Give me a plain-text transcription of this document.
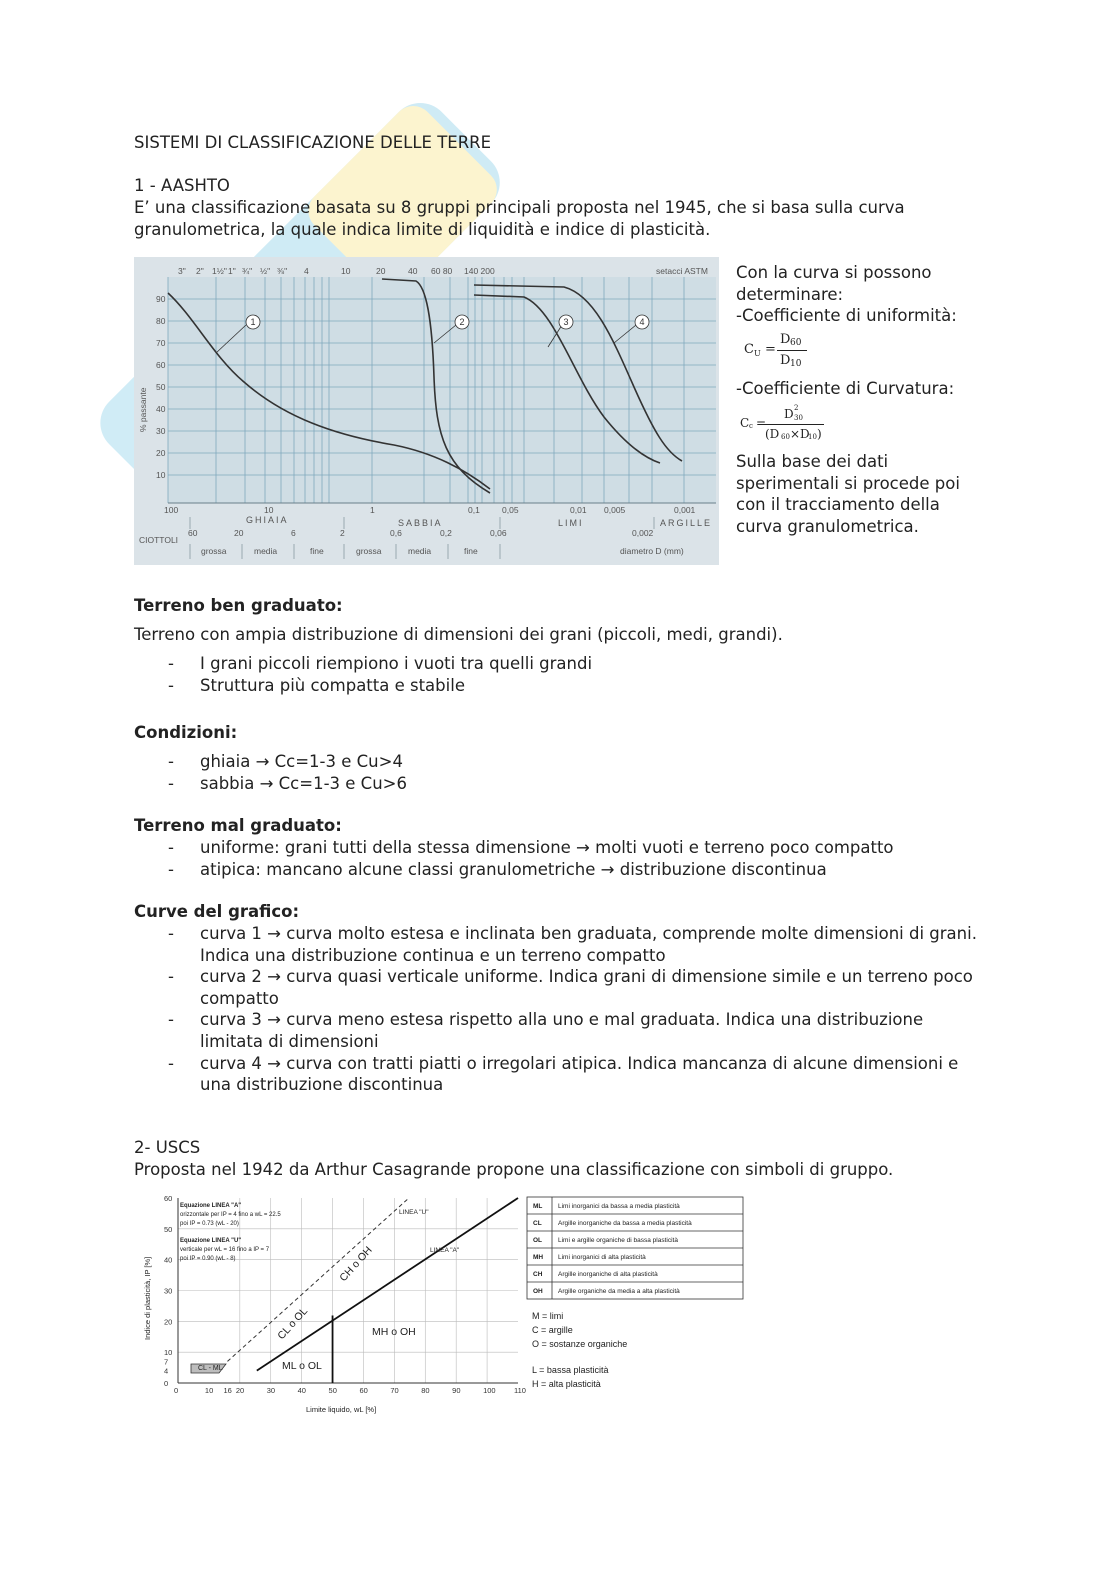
SISTEMI DI CLASSIFICAZIONE DELLE TERRE
1 - AASHTO
E’ una classificazione basata su 8 gruppi principali proposta nel 1945, che si basa sulla curva
granulometrica, la quale indica limite di liquidità e indice di plasticità.
3" 2" 1½" 1" ¾" ½" ⅜" 4	10	20	40 60 80 140 200	setacci ASTM
% passante
90
80
70
60
50
40
30
20
10
100	10	1	0,1	0,05	0,01 0,005	0,001
GHIAIA	SABBIA	LIMI	ARGILLE
60	20	6	2	0,6	0,2	0,06	0,002
CIOTTOLI
grossa	media	fine	grossa	media	fine	diametro D (mm)
1	2	3	4
Con la curva si possono
determinare:
-Coefficiente di uniformità:
C U =
D 60
D 10
-Coefficiente di Curvatura:
C c =
D 2
30
(D 60 ×D
10 )
Sulla base dei dati
sperimentali si procede poi
con il tracciamento della
curva granulometrica.
Terreno ben graduato:
Terreno con ampia distribuzione di dimensioni dei grani (piccoli, medi, grandi).
- I grani piccoli riempiono i vuoti tra quelli grandi
- Struttura più compatta e stabile
Condizioni:
- ghiaia → Cc=1-3 e Cu>4
- sabbia → Cc=1-3 e Cu>6
Terreno mal graduato:
- uniforme: grani tutti della stessa dimensione → molti vuoti e terreno poco compatto
- atipica: mancano alcune classi granulometriche → distribuzione discontinua
Curve del grafico:
- curva 1 → curva molto estesa e inclinata ben graduata, comprende molte dimensioni di grani. Indica una distribuzione continua e un terreno compatto
- curva 2 → curva quasi verticale uniforme. Indica grani di dimensione simile e un terreno poco compatto
- curva 3 → curva meno estesa rispetto alla uno e mal graduata. Indica una distribuzione limitata di dimensioni
- curva 4 → curva con tratti piatti o irregolari atipica. Indica mancanza di alcune dimensioni e una distribuzione discontinua
2- USCS
Proposta nel 1942 da Arthur Casagrande propone una classificazione con simboli di gruppo.
0	10 16 20	30	40	50	60	70	80	90	100 110
0
4
7
10
20
30
40
50
60
CL - ML	ML o OL
CL o OL
CH o OH
MH o OH
LINEA "U"
LINEA "A"
Equazione LINEA "A"
orizzontale per IP = 4 fino a wL = 22.5
poi IP = 0.73 (wL - 20)
Equazione LINEA "U"
verticale per wL = 16 fino a IP = 7
poi IP = 0.90 (wL - 8)
Indice di plasticità, IP [%]
Limite liquido, wL [%]
ML Limi inorganici da bassa a media plasticità
CL	Argille inorganiche da bassa a media plasticità
OL Limi e argille organiche di bassa plasticità
MH Limi inorganici di alta plasticità
CH Argille inorganiche di alta plasticità
OH Argille organiche da media a alta plasticità
M = limi
C = argille
O = sostanze organiche
L = bassa plasticità
H = alta plasticità
